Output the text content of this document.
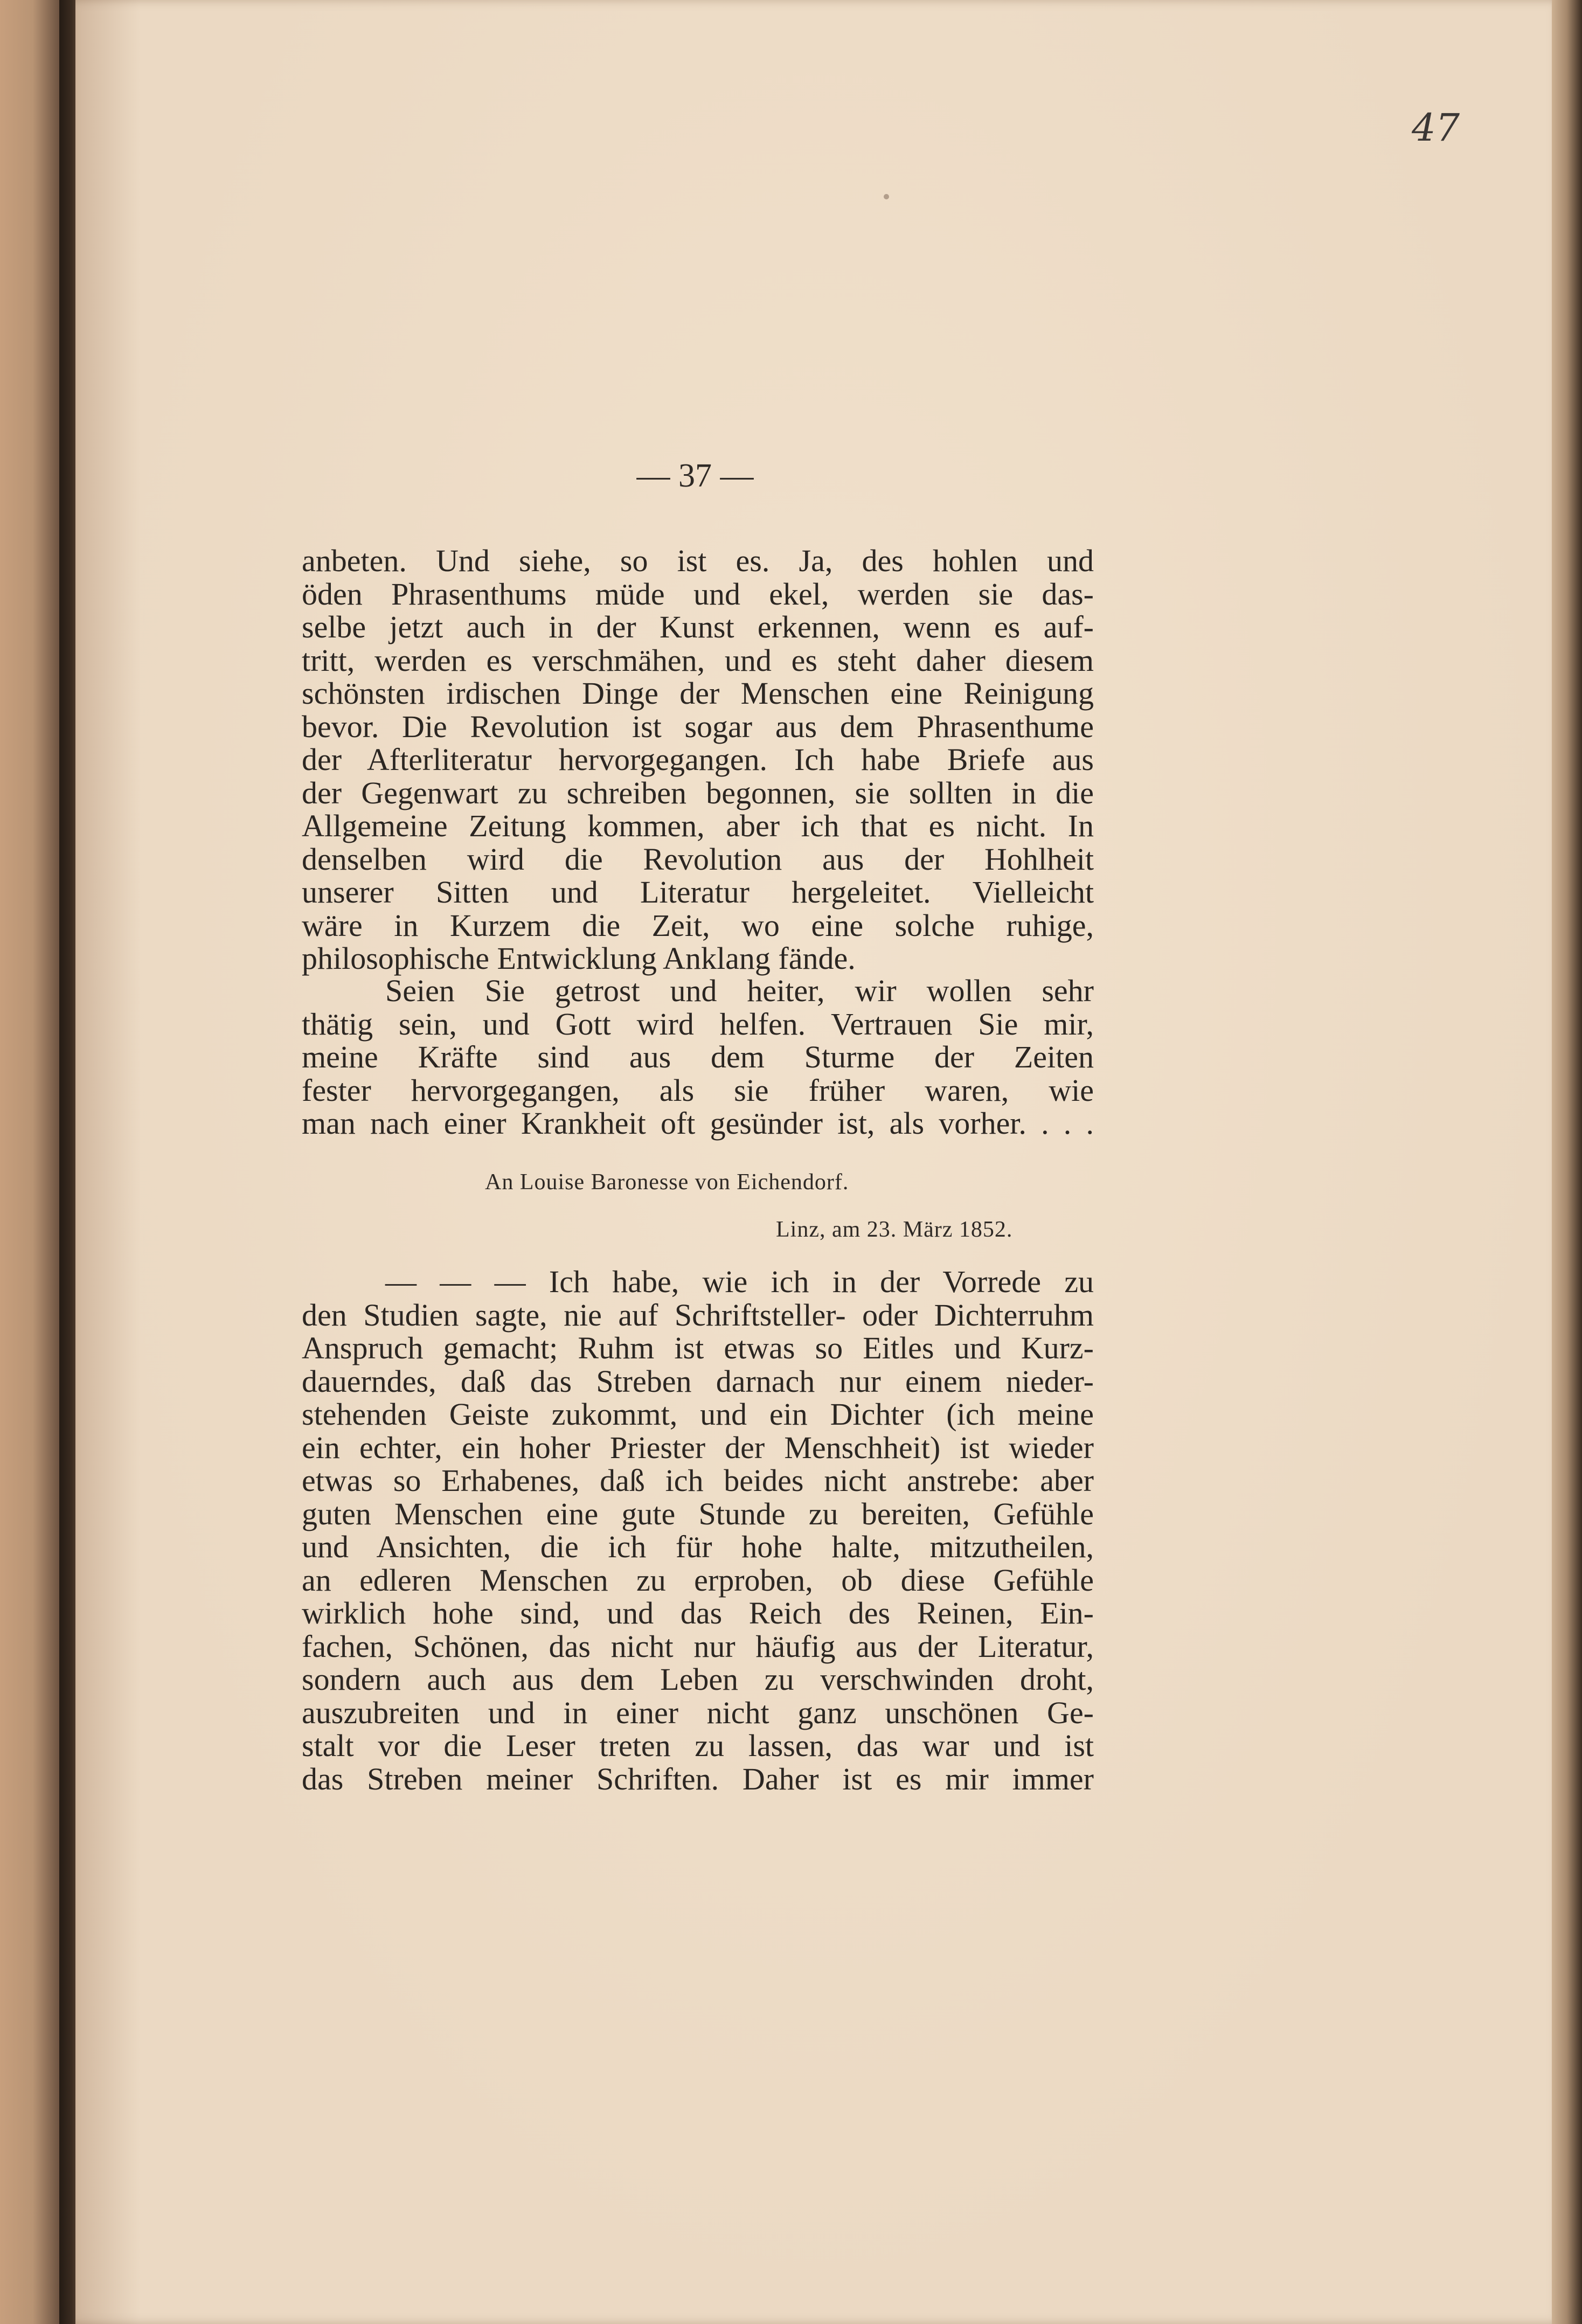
47
— 37 —
anbeten. Und siehe, so ist es. Ja, des hohlen und
öden Phrasenthums müde und ekel, werden sie das-
selbe jetzt auch in der Kunst erkennen, wenn es auf-
tritt, werden es verschmähen, und es steht daher diesem
schönsten irdischen Dinge der Menschen eine Reinigung
bevor. Die Revolution ist sogar aus dem Phrasenthume
der Afterliteratur hervorgegangen. Ich habe Briefe aus
der Gegenwart zu schreiben begonnen, sie sollten in die
Allgemeine Zeitung kommen, aber ich that es nicht. In
denselben wird die Revolution aus der Hohlheit
unserer Sitten und Literatur hergeleitet. Vielleicht
wäre in Kurzem die Zeit, wo eine solche ruhige,
philosophische Entwicklung Anklang fände.
Seien Sie getrost und heiter, wir wollen sehr
thätig sein, und Gott wird helfen. Vertrauen Sie mir,
meine Kräfte sind aus dem Sturme der Zeiten
fester hervorgegangen, als sie früher waren, wie
man nach einer Krankheit oft gesünder ist, als vorher. . . .
An Louise Baronesse von Eichendorf.
Linz, am 23. März 1852.
— — — Ich habe, wie ich in der Vorrede zu
den Studien sagte, nie auf Schriftsteller- oder Dichterruhm
Anspruch gemacht; Ruhm ist etwas so Eitles und Kurz-
dauerndes, daß das Streben darnach nur einem nieder-
stehenden Geiste zukommt, und ein Dichter (ich meine
ein echter, ein hoher Priester der Menschheit) ist wieder
etwas so Erhabenes, daß ich beides nicht anstrebe: aber
guten Menschen eine gute Stunde zu bereiten, Gefühle
und Ansichten, die ich für hohe halte, mitzutheilen,
an edleren Menschen zu erproben, ob diese Gefühle
wirklich hohe sind, und das Reich des Reinen, Ein-
fachen, Schönen, das nicht nur häufig aus der Literatur,
sondern auch aus dem Leben zu verschwinden droht,
auszubreiten und in einer nicht ganz unschönen Ge-
stalt vor die Leser treten zu lassen, das war und ist
das Streben meiner Schriften. Daher ist es mir immer
